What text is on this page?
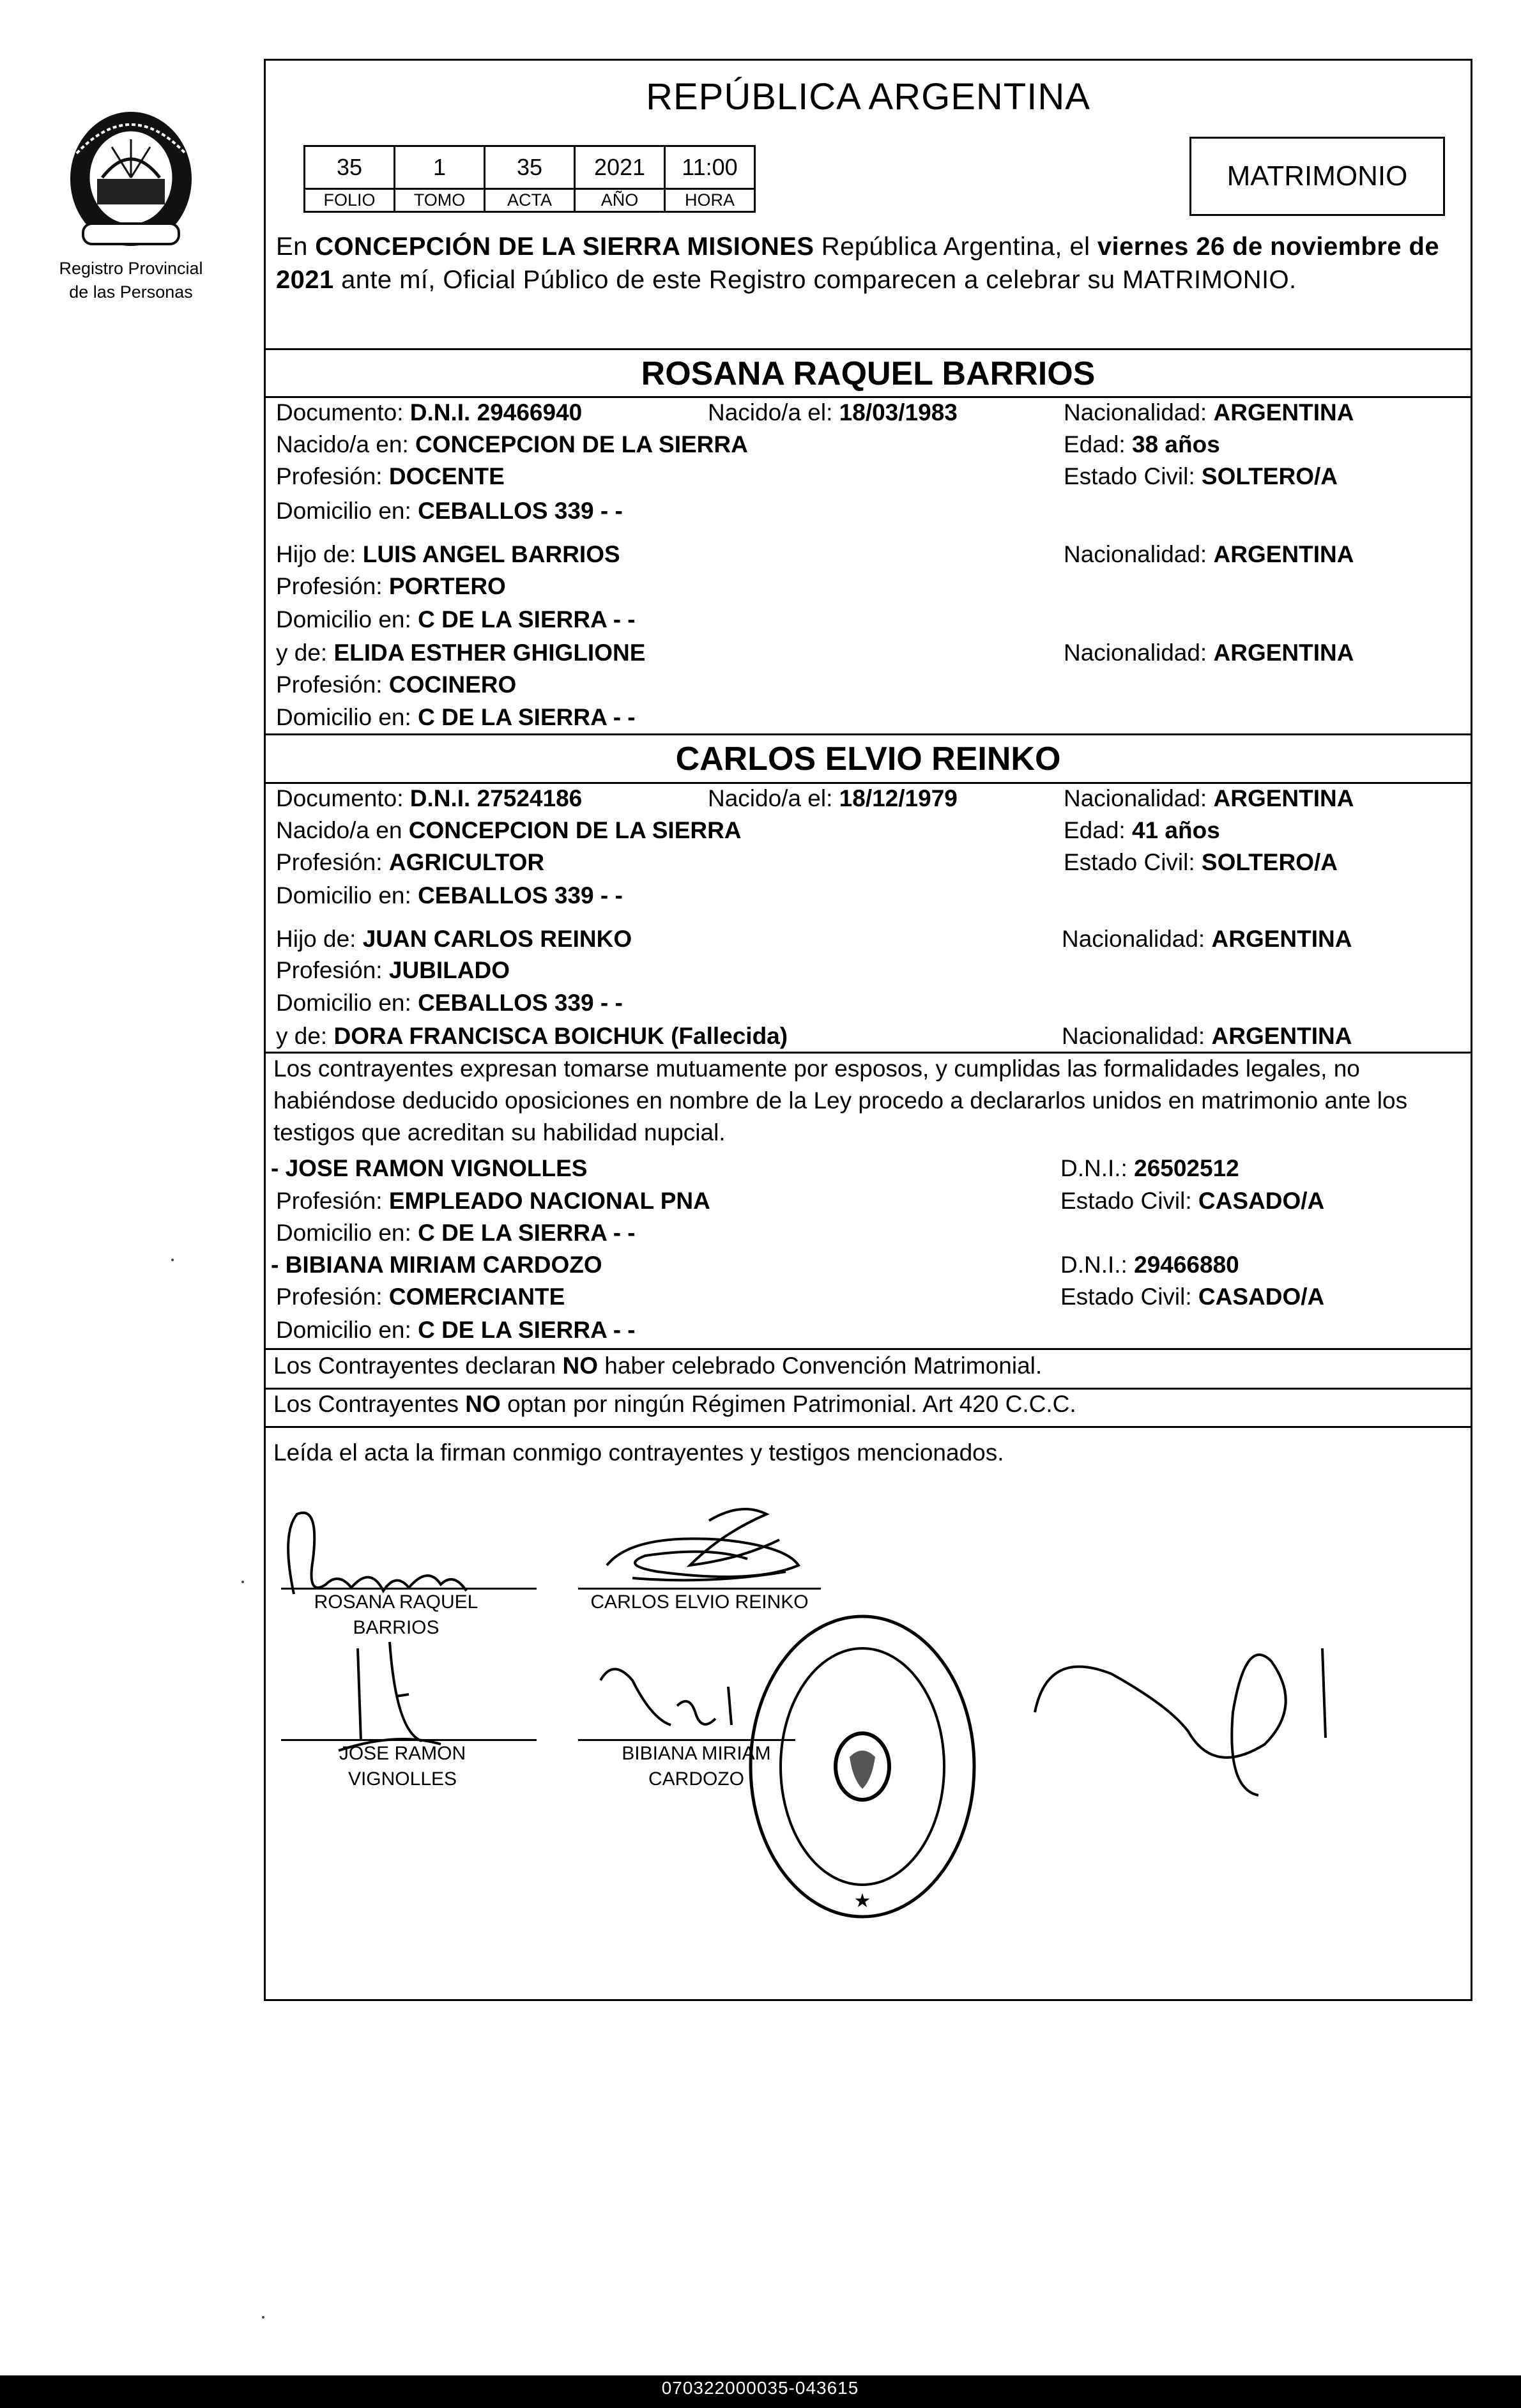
Registro Provincial
de las Personas
REPÚBLICA ARGENTINA
35	1	35	2021	11:00
FOLIO	TOMO	ACTA	AÑO	HORA
MATRIMONIO
En CONCEPCIÓN DE LA SIERRA MISIONES República Argentina, el viernes 26 de noviembre de 2021 ante mí, Oficial Público de este Registro comparecen a celebrar su MATRIMONIO.
ROSANA RAQUEL BARRIOS
Documento: D.N.I. 29466940	Nacido/a el: 18/03/1983	Nacionalidad: ARGENTINA
Nacido/a en: CONCEPCION DE LA SIERRA	Edad: 38 años
Profesión: DOCENTE	Estado Civil: SOLTERO/A
Domicilio en: CEBALLOS 339 - -
Hijo de: LUIS ANGEL BARRIOS	Nacionalidad: ARGENTINA
Profesión: PORTERO
Domicilio en: C DE LA SIERRA - -
y de: ELIDA ESTHER GHIGLIONE	Nacionalidad: ARGENTINA
Profesión: COCINERO
Domicilio en: C DE LA SIERRA - -
CARLOS ELVIO REINKO
Documento: D.N.I. 27524186	Nacido/a el: 18/12/1979	Nacionalidad: ARGENTINA
Nacido/a en CONCEPCION DE LA SIERRA	Edad: 41 años
Profesión: AGRICULTOR	Estado Civil: SOLTERO/A
Domicilio en: CEBALLOS 339 - -
Hijo de: JUAN CARLOS REINKO	Nacionalidad: ARGENTINA
Profesión: JUBILADO
Domicilio en: CEBALLOS 339 - -
y de: DORA FRANCISCA BOICHUK (Fallecida)	Nacionalidad: ARGENTINA
Los contrayentes expresan tomarse mutuamente por esposos, y cumplidas las formalidades legales, no habiéndose deducido oposiciones en nombre de la Ley procedo a declararlos unidos en matrimonio ante los testigos que acreditan su habilidad nupcial.
- JOSE RAMON VIGNOLLES	D.N.I.: 26502512
Profesión: EMPLEADO NACIONAL PNA	Estado Civil: CASADO/A
Domicilio en: C DE LA SIERRA - -
- BIBIANA MIRIAM CARDOZO	D.N.I.: 29466880
Profesión: COMERCIANTE	Estado Civil: CASADO/A
Domicilio en: C DE LA SIERRA - -
Los Contrayentes declaran NO haber celebrado Convención Matrimonial.
Los Contrayentes NO optan por ningún Régimen Patrimonial. Art 420 C.C.C.
Leída el acta la firman conmigo contrayentes y testigos mencionados.
ROSANA RAQUEL
BARRIOS
CARLOS ELVIO REINKO
JOSE RAMON
VIGNOLLES
BIBIANA MIRIAM
CARDOZO
★
070322000035-043615
